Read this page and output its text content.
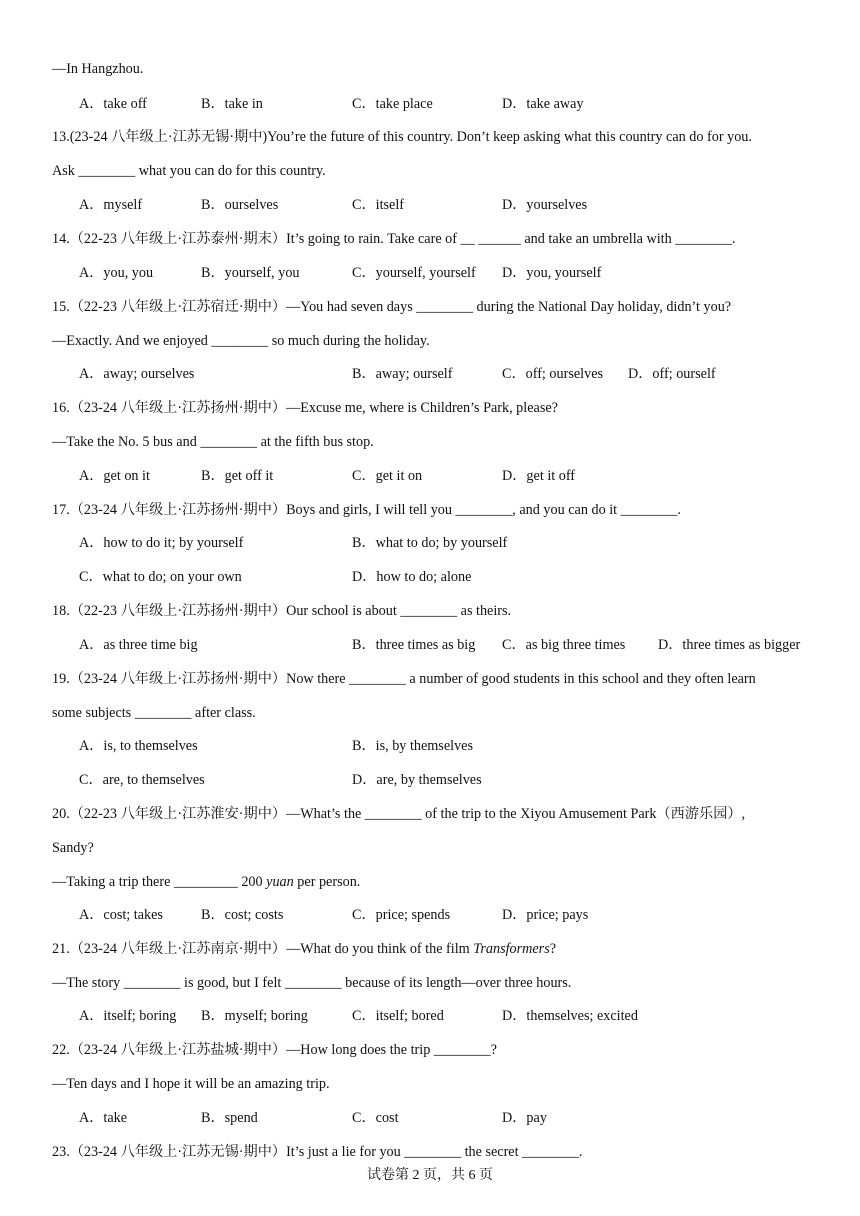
—In Hangzhou.
A．take off	B．take in	C．take place	D．take away
13.(23-24 八年级上·江苏无锡·期中)You’re the future of this country. Don’t keep asking what this country can do for you.
Ask ________ what you can do for this country.
A．myself	B．ourselves	C．itself	D．yourselves
14.（22-23 八年级上·江苏泰州·期末）It’s going to rain. Take care of __ ______ and take an umbrella with ________.
A．you, you	B．yourself, you	C．yourself, yourself D．you, yourself
15.（22-23 八年级上·江苏宿迁·期中）—You had seven days ________ during the National Day holiday, didn’t you?
—Exactly. And we enjoyed ________ so much during the holiday.
A．away; ourselves	B．away; ourself	C．off; ourselves D．off; ourself
16.（23-24 八年级上·江苏扬州·期中）—Excuse me, where is Children’s Park, please?
—Take the No. 5 bus and ________ at the fifth bus stop.
A．get on it	B．get off it	C．get it on	D．get it off
17.（23-24 八年级上·江苏扬州·期中）Boys and girls, I will tell you ________, and you can do it ________.
A．how to do it; by yourself	B．what to do; by yourself
C．what to do; on your own	D．how to do; alone
18.（22-23 八年级上·江苏扬州·期中）Our school is about ________ as theirs.
A．as three time big	B．three times as big C．as big three times D．three times as bigger
19.（23-24 八年级上·江苏扬州·期中）Now there ________ a number of good students in this school and they often learn
some subjects ________ after class.
A．is, to themselves	B．is, by themselves
C．are, to themselves	D．are, by themselves
20.（22-23 八年级上·江苏淮安·期中）—What’s the ________ of the trip to the Xiyou Amusement Park（西游乐园）,
Sandy?
—Taking a trip there _________ 200 yuan per person.
A．cost; takes	B．cost; costs	C．price; spends	D．price; pays
21.（23-24 八年级上·江苏南京·期中）—What do you think of the film Transformers?
—The story ________ is good, but I felt ________ because of its length—over three hours.
A．itself; boring B．myself; boring	C．itself; bored	D．themselves; excited
22.（23-24 八年级上·江苏盐城·期中）—How long does the trip ________?
—Ten days and I hope it will be an amazing trip.
A．take	B．spend	C．cost	D．pay
23.（23-24 八年级上·江苏无锡·期中）It’s just a lie for you ________ the secret ________.
试卷第 2 页，共 6 页
